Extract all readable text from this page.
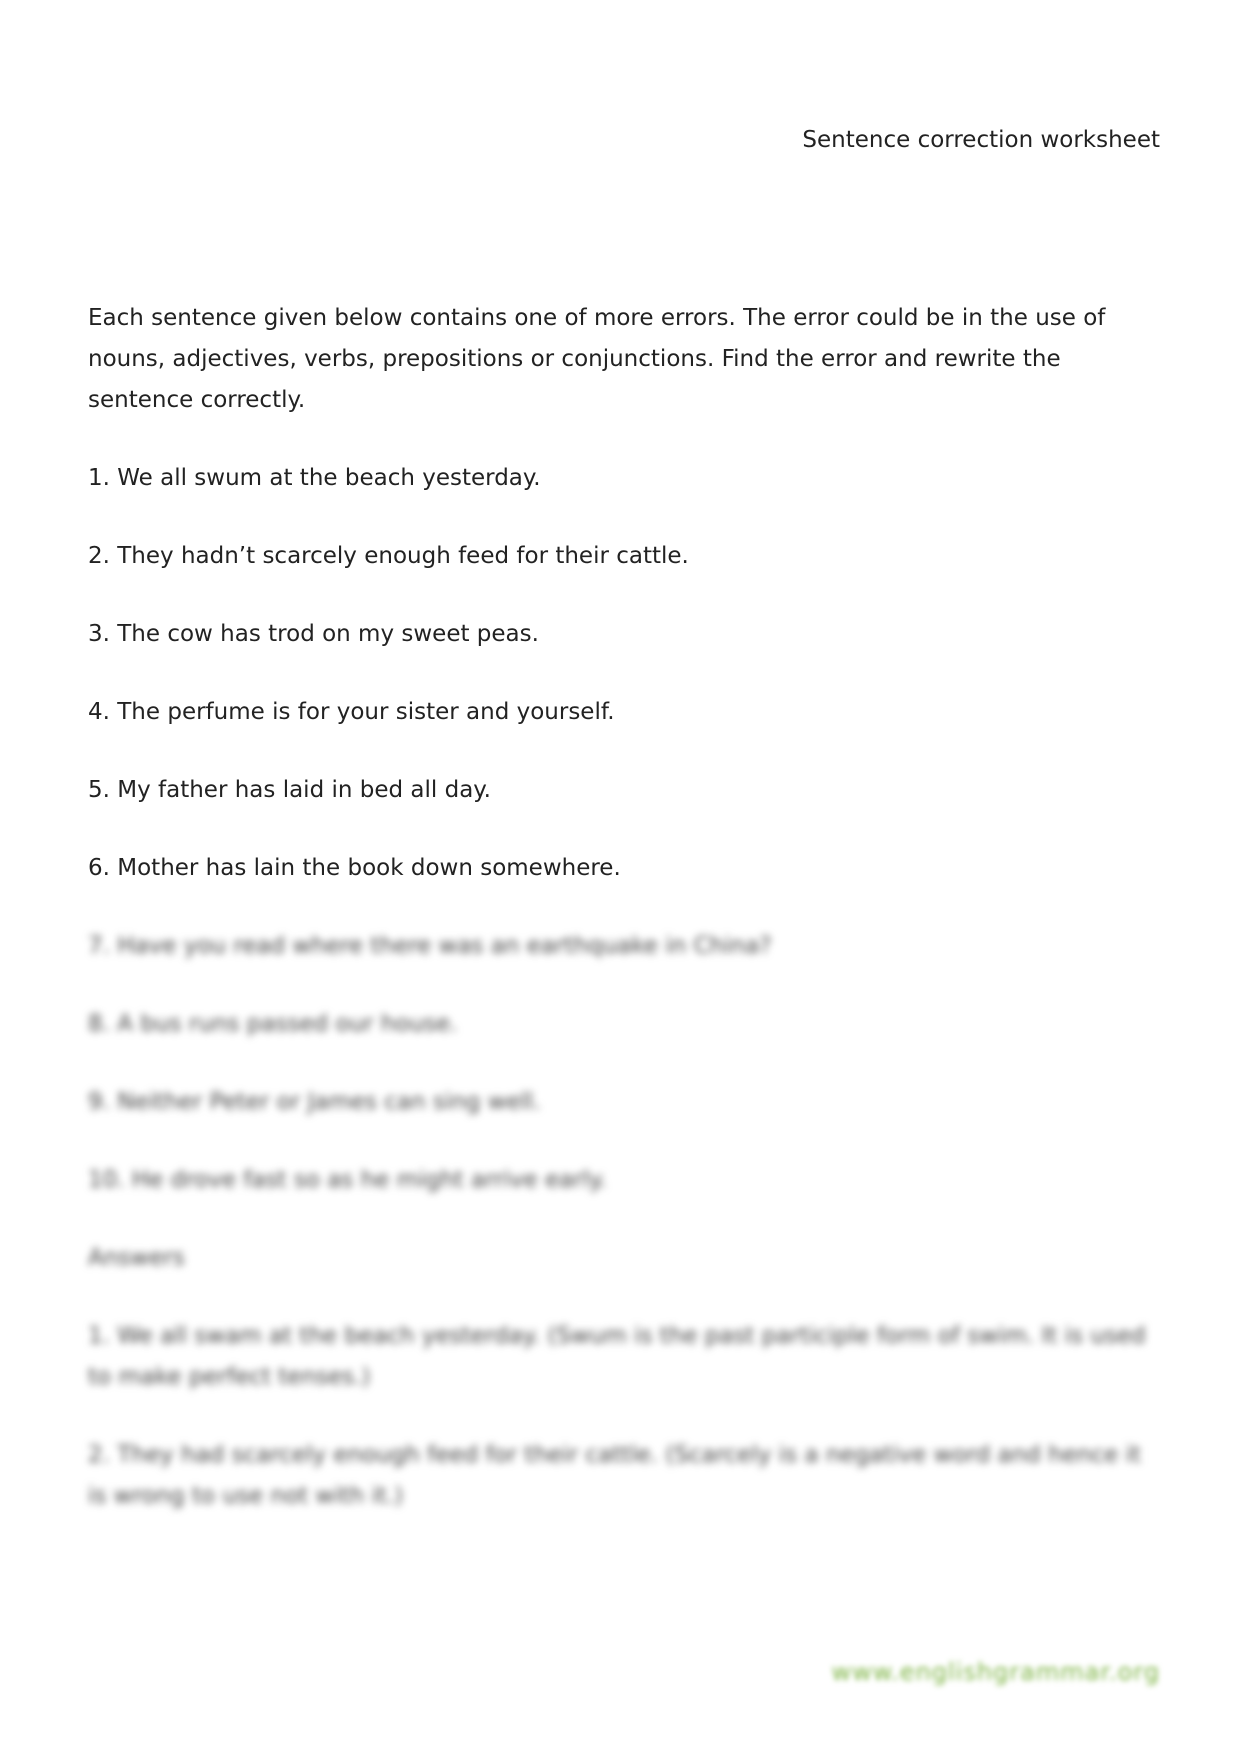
Sentence correction worksheet

Each sentence given below contains one of more errors. The error could be in the use of nouns, adjectives, verbs, prepositions or conjunctions. Find the error and rewrite the sentence correctly.

1. We all swum at the beach yesterday.
2. They hadn’t scarcely enough feed for their cattle.
3. The cow has trod on my sweet peas.
4. The perfume is for your sister and yourself.
5. My father has laid in bed all day.
6. Mother has lain the book down somewhere.
7. Have you read where there was an earthquake in China?
8. A bus runs passed our house.
9. Neither Peter or James can sing well.
10. He drove fast so as he might arrive early.
Answers
1. We all swam at the beach yesterday. (Swum is the past participle form of swim. It is used to make perfect tenses.)
2. They had scarcely enough feed for their cattle. (Scarcely is a negative word and hence it is wrong to use not with it.)
www.englishgrammar.org
